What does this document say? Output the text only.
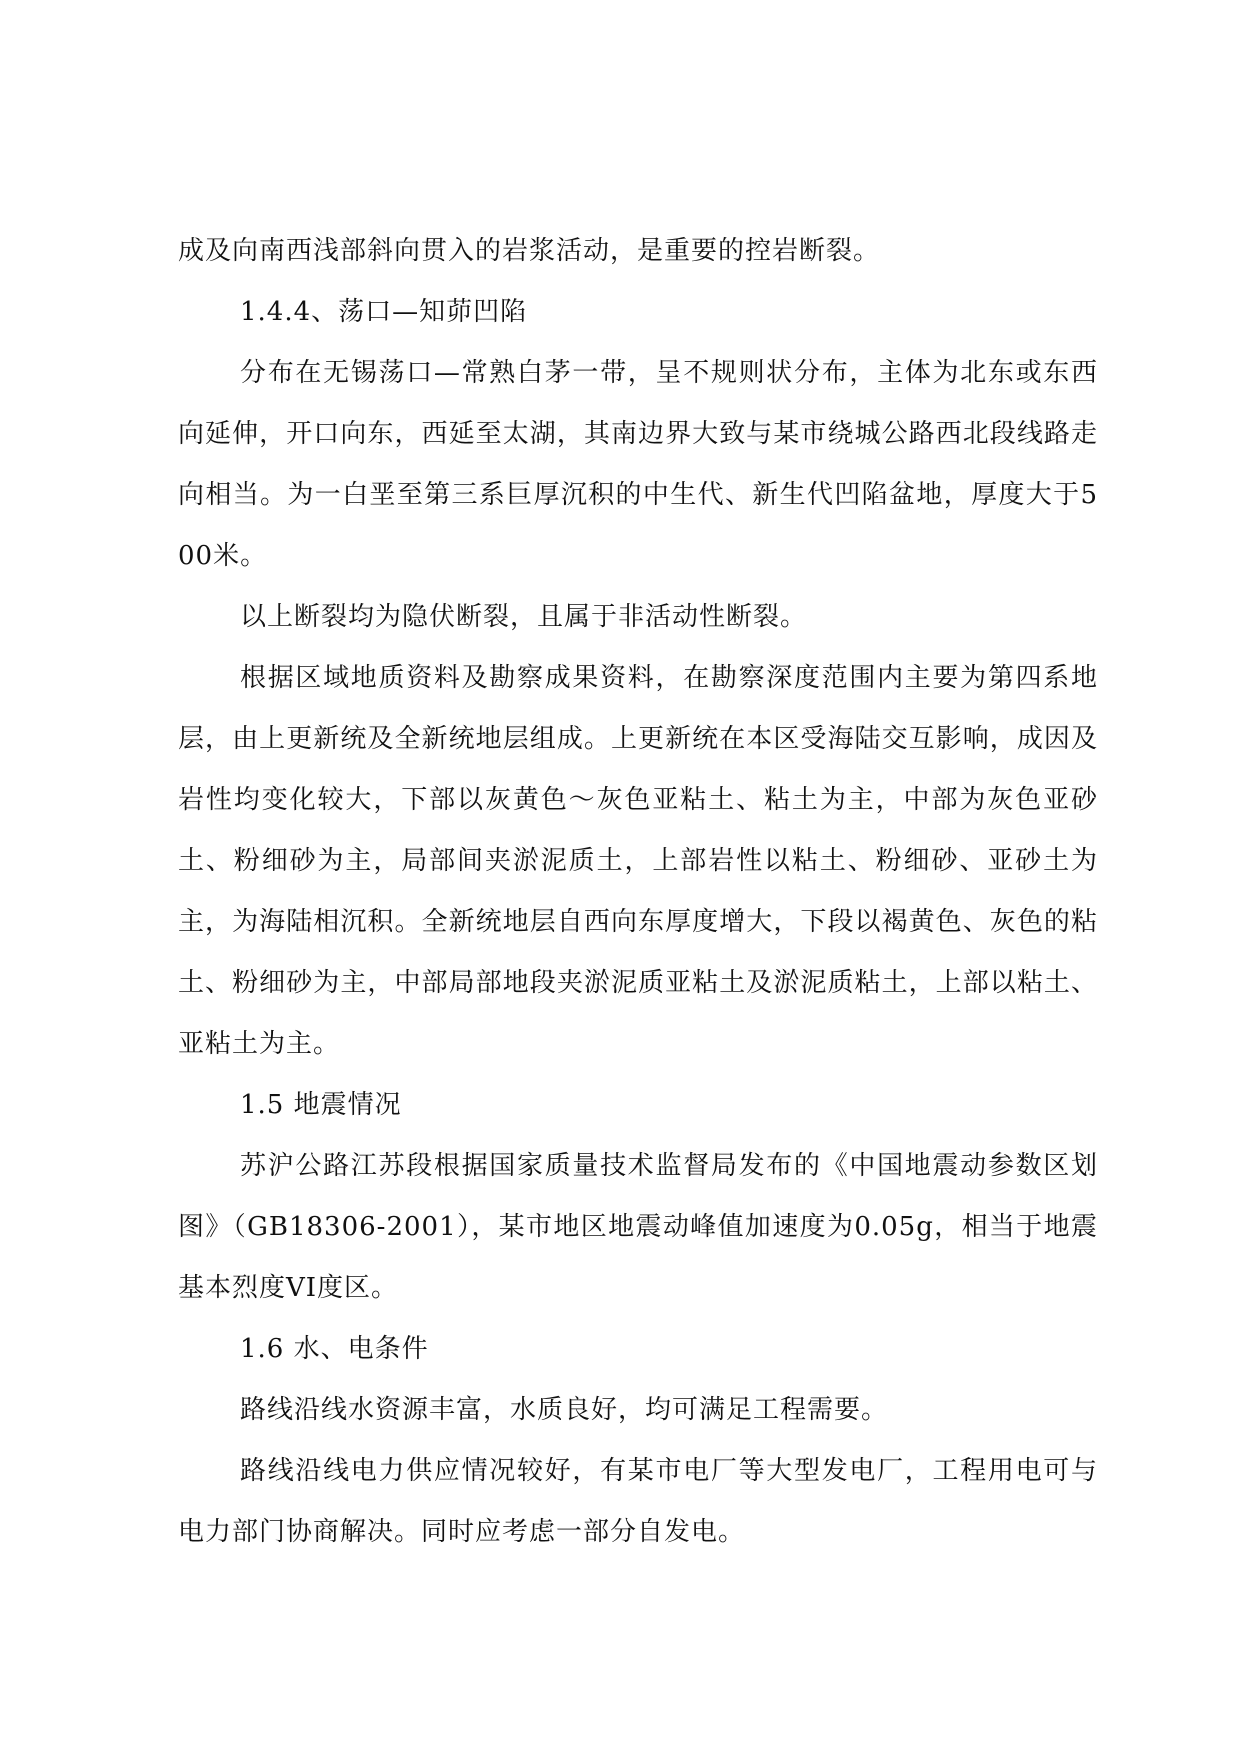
成及向南西浅部斜向贯入的岩浆活动，是重要的控岩断裂。

1.4.4、荡口—知茆凹陷

分布在无锡荡口—常熟白茅一带，呈不规则状分布，主体为北东或东西向延伸，开口向东，西延至太湖，其南边界大致与某市绕城公路西北段线路走向相当。为一白垩至第三系巨厚沉积的中生代、新生代凹陷盆地，厚度大于500米。

以上断裂均为隐伏断裂，且属于非活动性断裂。

根据区域地质资料及勘察成果资料，在勘察深度范围内主要为第四系地层，由上更新统及全新统地层组成。上更新统在本区受海陆交互影响，成因及岩性均变化较大，下部以灰黄色～灰色亚粘土、粘土为主，中部为灰色亚砂土、粉细砂为主，局部间夹淤泥质土，上部岩性以粘土、粉细砂、亚砂土为主，为海陆相沉积。全新统地层自西向东厚度增大，下段以褐黄色、灰色的粘土、粉细砂为主，中部局部地段夹淤泥质亚粘土及淤泥质粘土，上部以粘土、亚粘土为主。

1.5 地震情况

苏沪公路江苏段根据国家质量技术监督局发布的《中国地震动参数区划图》（GB18306-2001），某市地区地震动峰值加速度为0.05g，相当于地震基本烈度VI度区。

1.6 水、电条件

路线沿线水资源丰富，水质良好，均可满足工程需要。

路线沿线电力供应情况较好，有某市电厂等大型发电厂，工程用电可与电力部门协商解决。同时应考虑一部分自发电。
